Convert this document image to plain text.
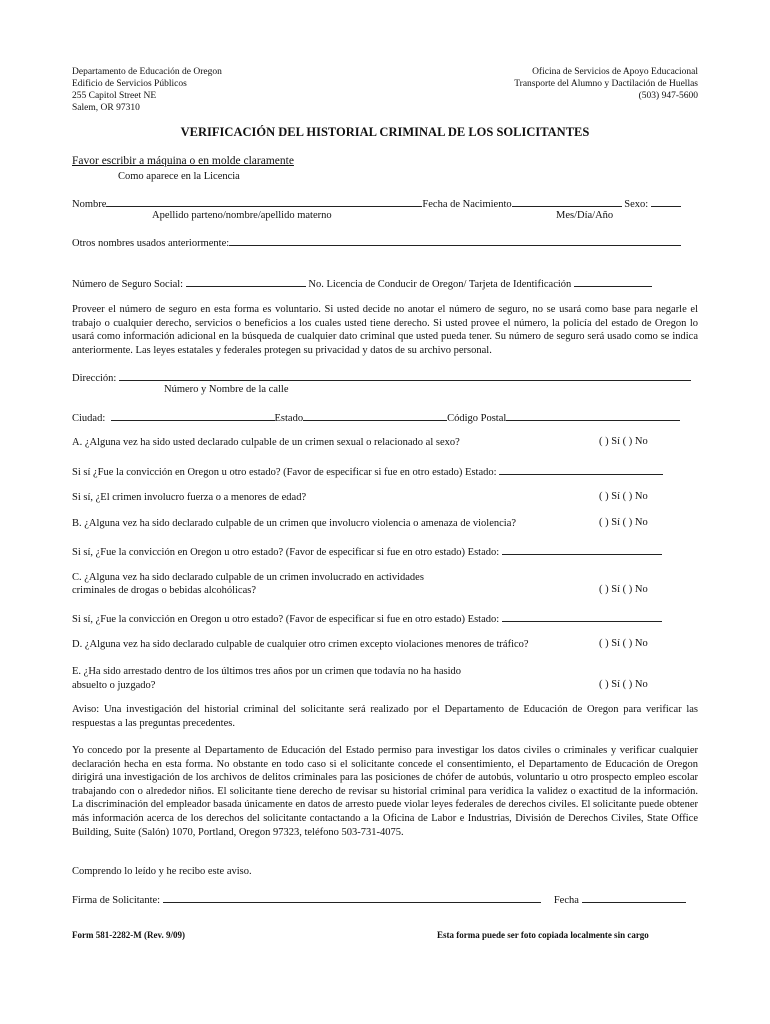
Departamento de Educación de Oregon
Edificio de Servicios Públicos
255 Capitol Street NE
Salem, OR 97310
Oficina de Servicios de Apoyo Educacional
Transporte del Alumno y Dactilación de Huellas
(503) 947-5600
VERIFICACIÓN DEL HISTORIAL CRIMINAL DE LOS SOLICITANTES
Favor escribir a máquina o en molde claramente
Como aparece en la Licencia
Nombre	Fecha de Nacimiento	Sexo:
Apellido parteno/nombre/apellido materno	Mes/Día/Año
Otros nombres usados anteriormente:
Número de Seguro Social:	No. Licencia de Conducir de Oregon/ Tarjeta de Identificación
Proveer el número de seguro en esta forma es voluntario. Si usted decide no anotar el número de seguro, no se usará como base para negarle el trabajo o cualquier derecho, servicios o beneficios a los cuales usted tiene derecho. Si usted provee el número, la policía del estado de Oregon lo usará como información adicional en la búsqueda de cualquier dato criminal que usted pueda tener. Su número de seguro será usado como se indica anteriormente. Las leyes estatales y federales protegen su privacidad y datos de su archivo personal.
Dirección:
Número y Nombre de la calle
Ciudad:	Estado	Código Postal
A. ¿Alguna vez ha sido usted declarado culpable de un crimen sexual o relacionado al sexo?	( ) Sí ( ) No
Si sí ¿Fue la convicción en Oregon u otro estado? (Favor de especificar si fue en otro estado) Estado:
Si sí, ¿El crimen involucro fuerza o a menores de edad?	( ) Sí ( ) No
B. ¿Alguna vez ha sido declarado culpable de un crimen que involucro violencia o amenaza de violencia?	( ) Sí ( ) No
Si sí, ¿Fue la convicción en Oregon u otro estado? (Favor de especificar si fue en otro estado) Estado:
C. ¿Alguna vez ha sido declarado culpable de un crimen involucrado en actividades
criminales de drogas o bebidas alcohólicas?	( ) Sí ( ) No
Si sí, ¿Fue la convicción en Oregon u otro estado? (Favor de especificar si fue en otro estado) Estado:
D. ¿Alguna vez ha sido declarado culpable de cualquier otro crimen excepto violaciones menores de tráfico?	( ) Sí ( ) No
E. ¿Ha sido arrestado dentro de los últimos tres años por un crimen que todavía no ha hasido
absuelto o juzgado?	( ) Sí ( ) No
Aviso: Una investigación del historial criminal del solicitante será realizado por el Departamento de Educación de Oregon para verificar las respuestas a las preguntas precedentes.
Yo concedo por la presente al Departamento de Educación del Estado permiso para investigar los datos civiles o criminales y verificar cualquier declaración hecha en esta forma. No obstante en todo caso si el solicitante concede el consentimiento, el Departamento de Educación de Oregon dirigirá una investigación de los archivos de delitos criminales para las posiciones de chófer de autobús, voluntario u otro prospecto empleo escolar trabajando con o alrededor niños. El solicitante tiene derecho de revisar su historial criminal para verídica la validez o exactitud de la información. La discriminación del empleador basada únicamente en datos de arresto puede violar leyes federales de derechos civiles. El solicitante puede obtener más información acerca de los derechos del solicitante contactando a la Oficina de Labor e Industrias, División de Derechos Civiles, State Office Building, Suite (Salón) 1070, Portland, Oregon 97323, teléfono 503-731-4075.
Comprendo lo leído y he recibo este aviso.
Firma de Solicitante:	Fecha
Form 581-2282-M (Rev. 9/09)	Esta forma puede ser foto copiada localmente sin cargo
